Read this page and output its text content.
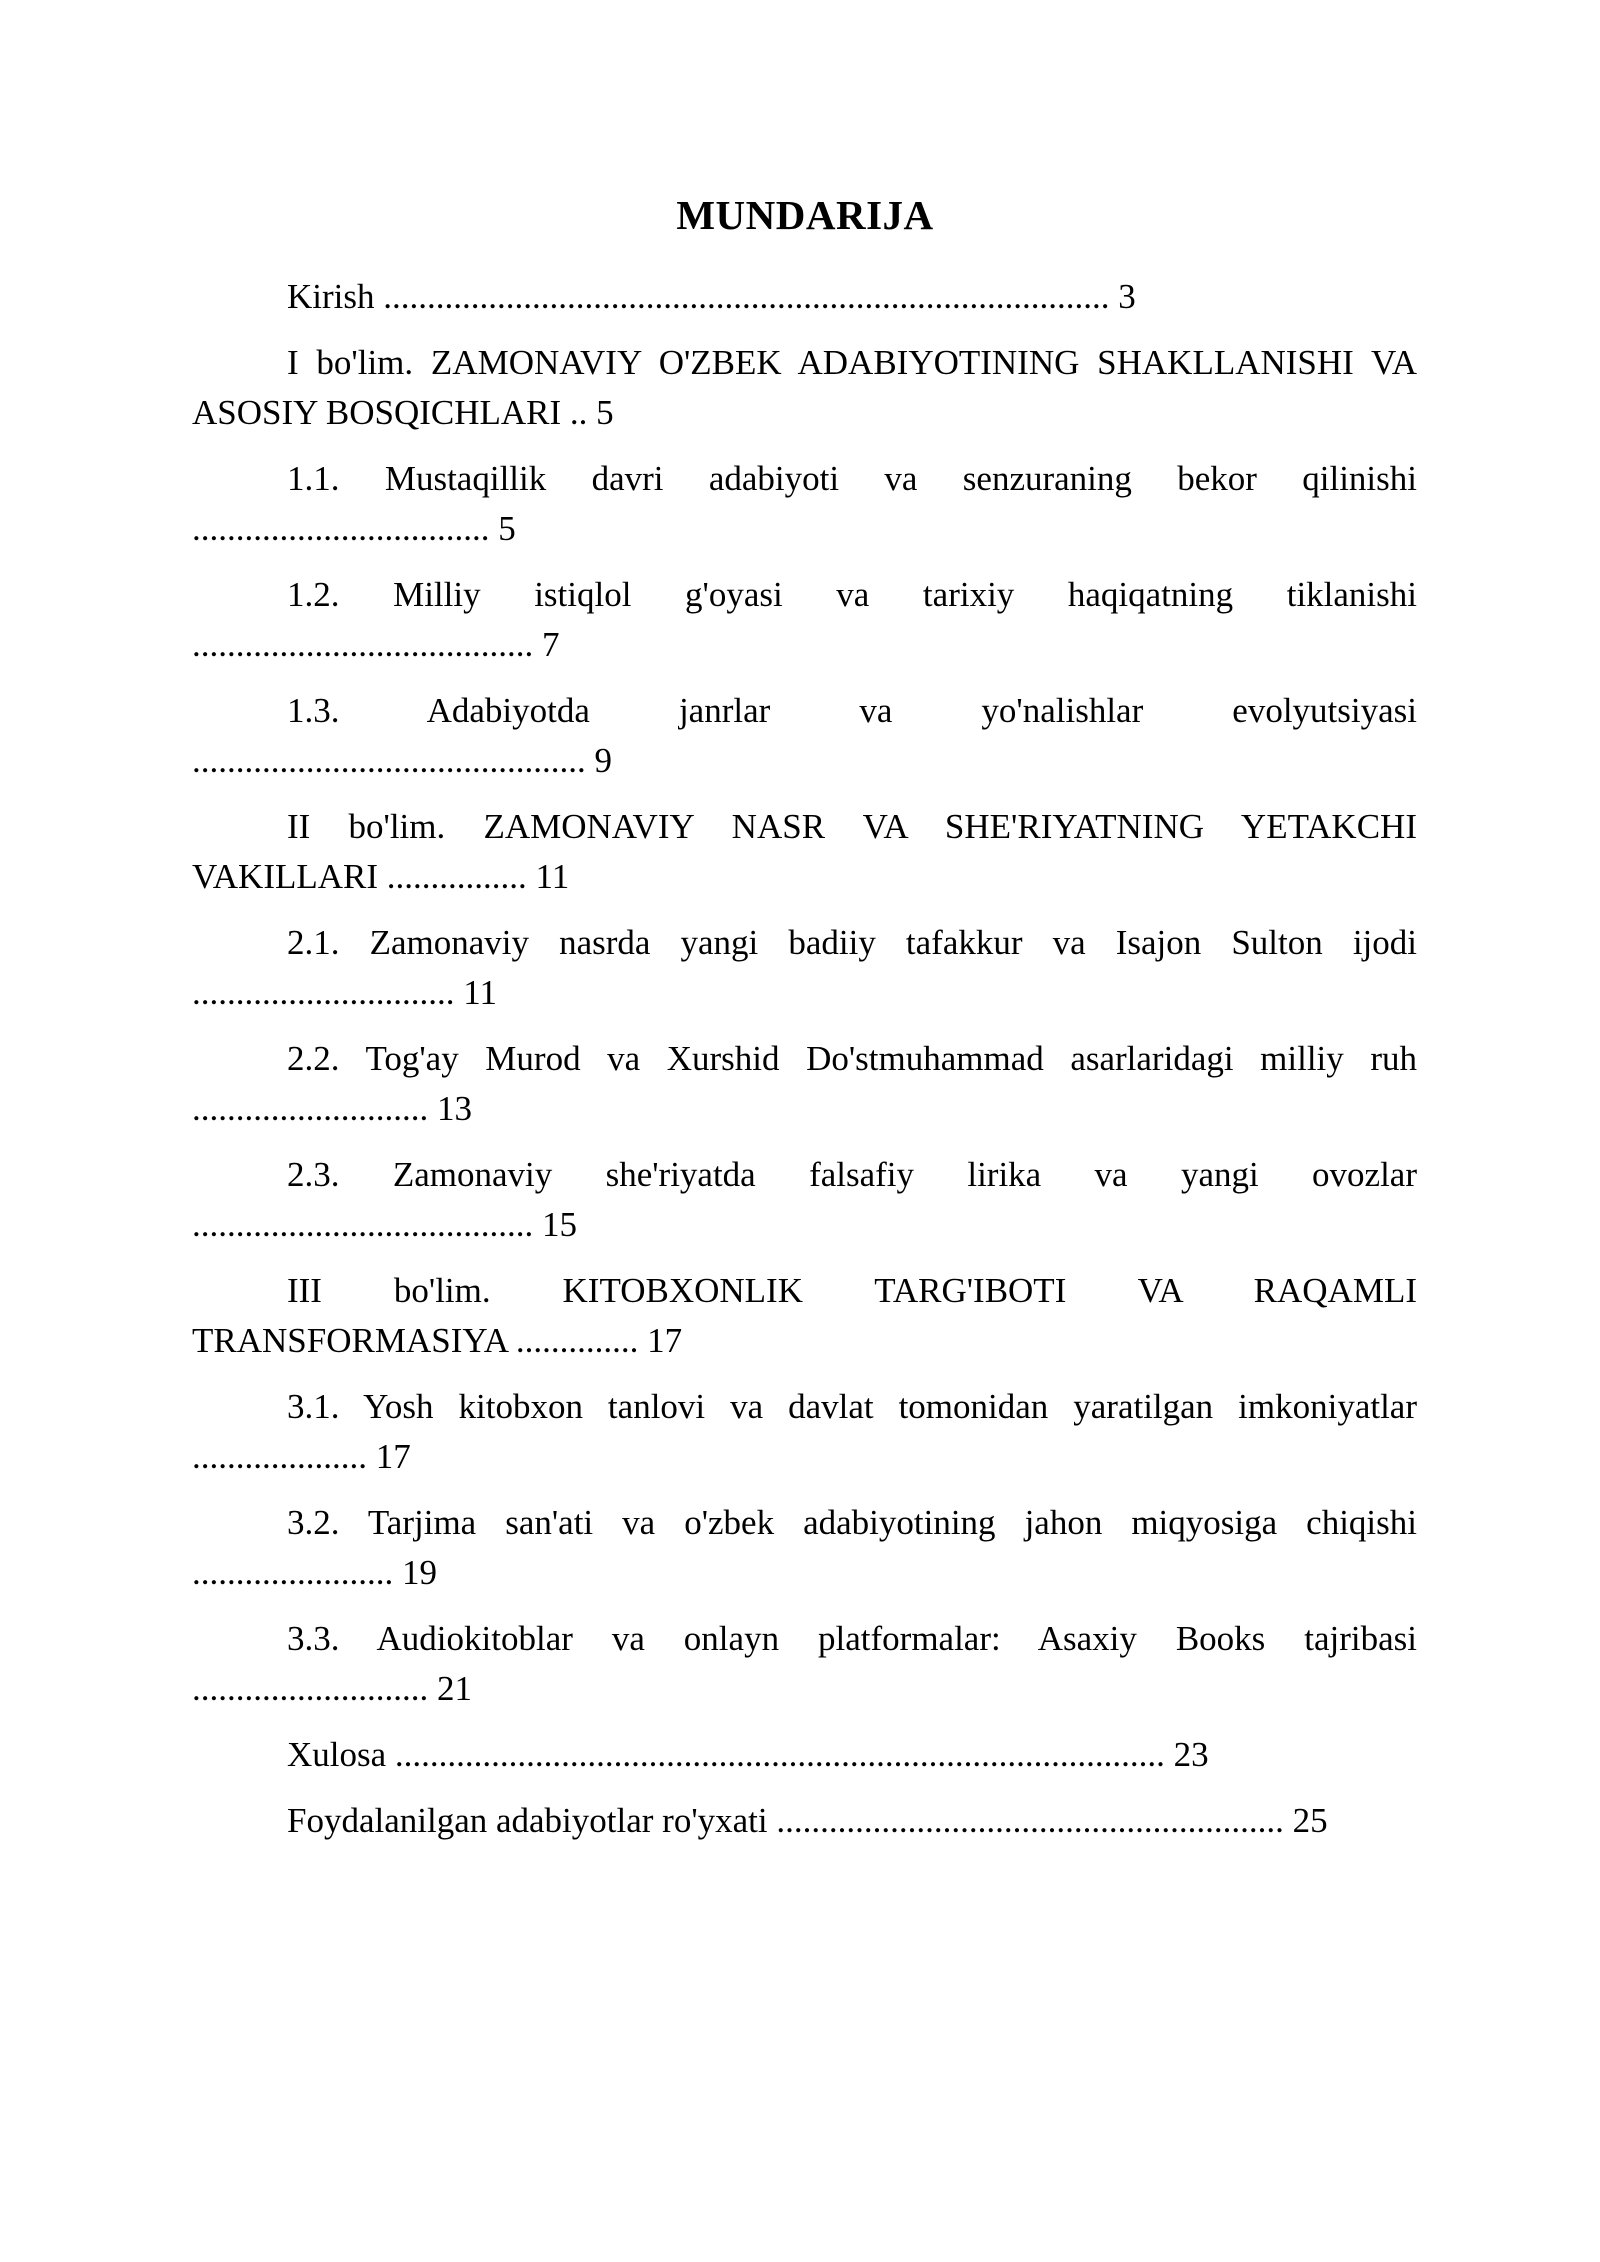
MUNDARIJA

Kirish ................................................................................... 3

I bo'lim. ZAMONAVIY O'ZBEK ADABIYOTINING SHAKLLANISHI VA ASOSIY BOSQICHLARI .. 5

1.1. Mustaqillik davri adabiyoti va senzuraning bekor qilinishi .................................. 5

1.2. Milliy istiqlol g'oyasi va tarixiy haqiqatning tiklanishi ....................................... 7

1.3. Adabiyotda janrlar va yo'nalishlar evolyutsiyasi ............................................. 9

II bo'lim. ZAMONAVIY NASR VA SHE'RIYATNING YETAKCHI VAKILLARI ................ 11

2.1. Zamonaviy nasrda yangi badiiy tafakkur va Isajon Sulton ijodi .............................. 11

2.2. Tog'ay Murod va Xurshid Do'stmuhammad asarlaridagi milliy ruh ........................... 13

2.3. Zamonaviy she'riyatda falsafiy lirika va yangi ovozlar ....................................... 15

III bo'lim. KITOBXONLIK TARG'IBOTI VA RAQAMLI TRANSFORMASIYA .............. 17

3.1. Yosh kitobxon tanlovi va davlat tomonidan yaratilgan imkoniyatlar .................... 17

3.2. Tarjima san'ati va o'zbek adabiyotining jahon miqyosiga chiqishi ....................... 19

3.3. Audiokitoblar va onlayn platformalar: Asaxiy Books tajribasi ........................... 21

Xulosa ........................................................................................ 23

Foydalanilgan adabiyotlar ro'yxati .......................................................... 25
